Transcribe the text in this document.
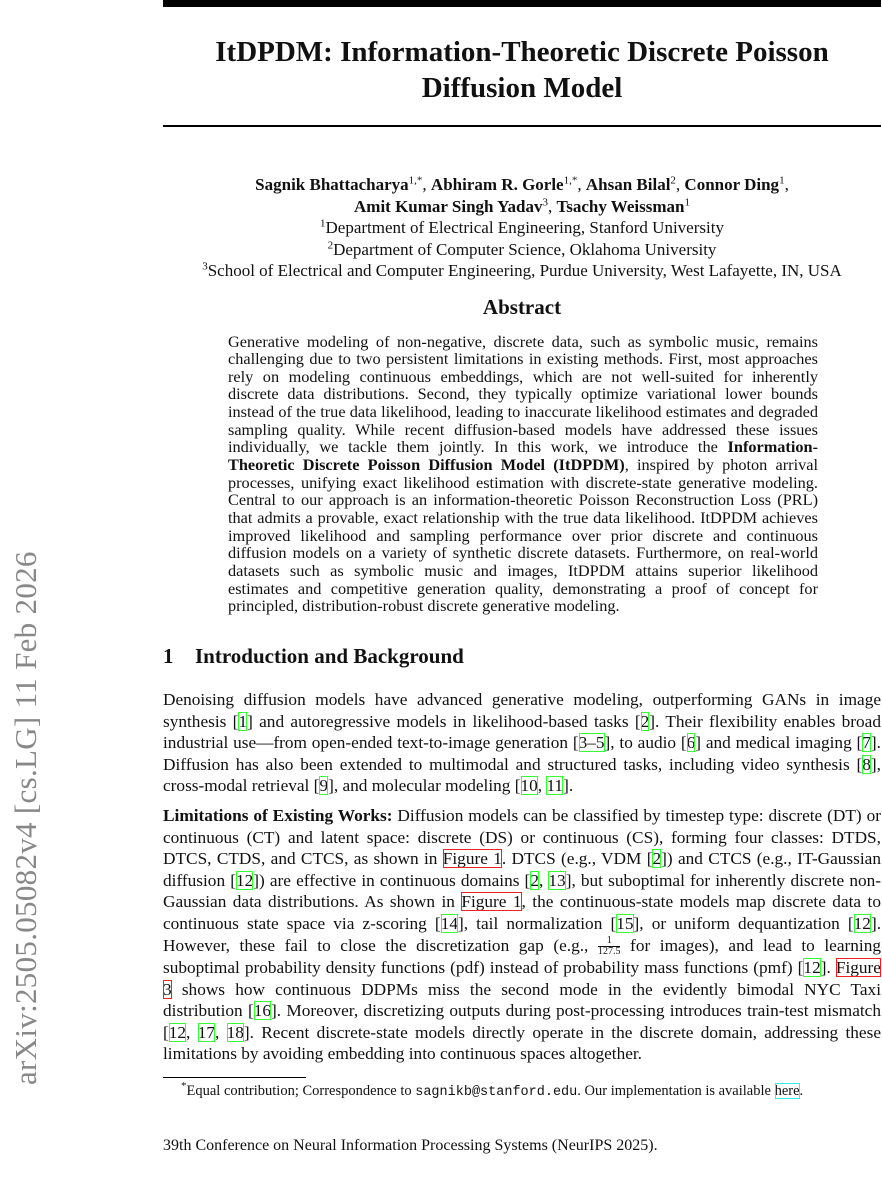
arXiv:2505.05082v4 [cs.LG] 11 Feb 2026
ItDPDM: Information-Theoretic Discrete Poisson Diffusion Model
Sagnik Bhattacharya$^{1,*}$, Abhiram R. Gorle$^{1,*}$, Ahsan Bilal$^2$, Connor Ding$^1$,
Amit Kumar Singh Yadav$^3$, Tsachy Weissman$^1$
$^1$Department of Electrical Engineering, Stanford University
$^2$Department of Computer Science, Oklahoma University
$^3$School of Electrical and Computer Engineering, Purdue University, West Lafayette, IN, USA
Abstract
Generative modeling of non-negative, discrete data, such as symbolic music, remains challenging due to two persistent limitations in existing methods. First, most approaches rely on modeling continuous embeddings, which are not well-suited for inherently discrete data distributions. Second, they typically optimize variational lower bounds instead of the true data likelihood, leading to inaccurate likelihood estimates and degraded sampling quality. While recent diffusion-based models have addressed these issues individually, we tackle them jointly. In this work, we introduce the Information-Theoretic Discrete Poisson Diffusion Model (ItDPDM), inspired by photon arrival processes, unifying exact likelihood estimation with discrete-state generative modeling. Central to our approach is an information-theoretic Poisson Reconstruction Loss (PRL) that admits a provable, exact relationship with the true data likelihood. ItDPDM achieves improved likelihood and sampling performance over prior discrete and continuous diffusion models on a variety of synthetic discrete datasets. Furthermore, on real-world datasets such as symbolic music and images, ItDPDM attains superior likelihood estimates and competitive generation quality, demonstrating a proof of concept for principled, distribution-robust discrete generative modeling.
1 Introduction and Background

Denoising diffusion models have advanced generative modeling, outperforming GANs in image synthesis [1] and autoregressive models in likelihood-based tasks [2]. Their flexibility enables broad industrial use—from open-ended text-to-image generation [3–5], to audio [6] and medical imaging [7]. Diffusion has also been extended to multimodal and structured tasks, including video synthesis [8], cross-modal retrieval [9], and molecular modeling [10, 11].

Limitations of Existing Works: Diffusion models can be classified by timestep type: discrete (DT) or continuous (CT) and latent space: discrete (DS) or continuous (CS), forming four classes: DTDS, DTCS, CTDS, and CTCS, as shown in Figure 1. DTCS (e.g., VDM [2]) and CTCS (e.g., IT-Gaussian diffusion [12]) are effective in continuous domains [2, 13], but suboptimal for inherently discrete non-Gaussian data distributions. As shown in Figure 1, the continuous-state models map discrete data to continuous state space via z-scoring [14], tail normalization [15], or uniform dequantization [12]. However, these fail to close the discretization gap (e.g., $\frac{1}{127.5}$ for images), and lead to learning suboptimal probability density functions (pdf) instead of probability mass functions (pmf) [12]. Figure 3 shows how continuous DDPMs miss the second mode in the evidently bimodal NYC Taxi distribution [16]. Moreover, discretizing outputs during post-processing introduces train-test mismatch [12, 17, 18]. Recent discrete-state models directly operate in the discrete domain, addressing these limitations by avoiding embedding into continuous spaces altogether.

*Equal contribution; Correspondence to sagnikb@stanford.edu. Our implementation is available here.
39th Conference on Neural Information Processing Systems (NeurIPS 2025).
